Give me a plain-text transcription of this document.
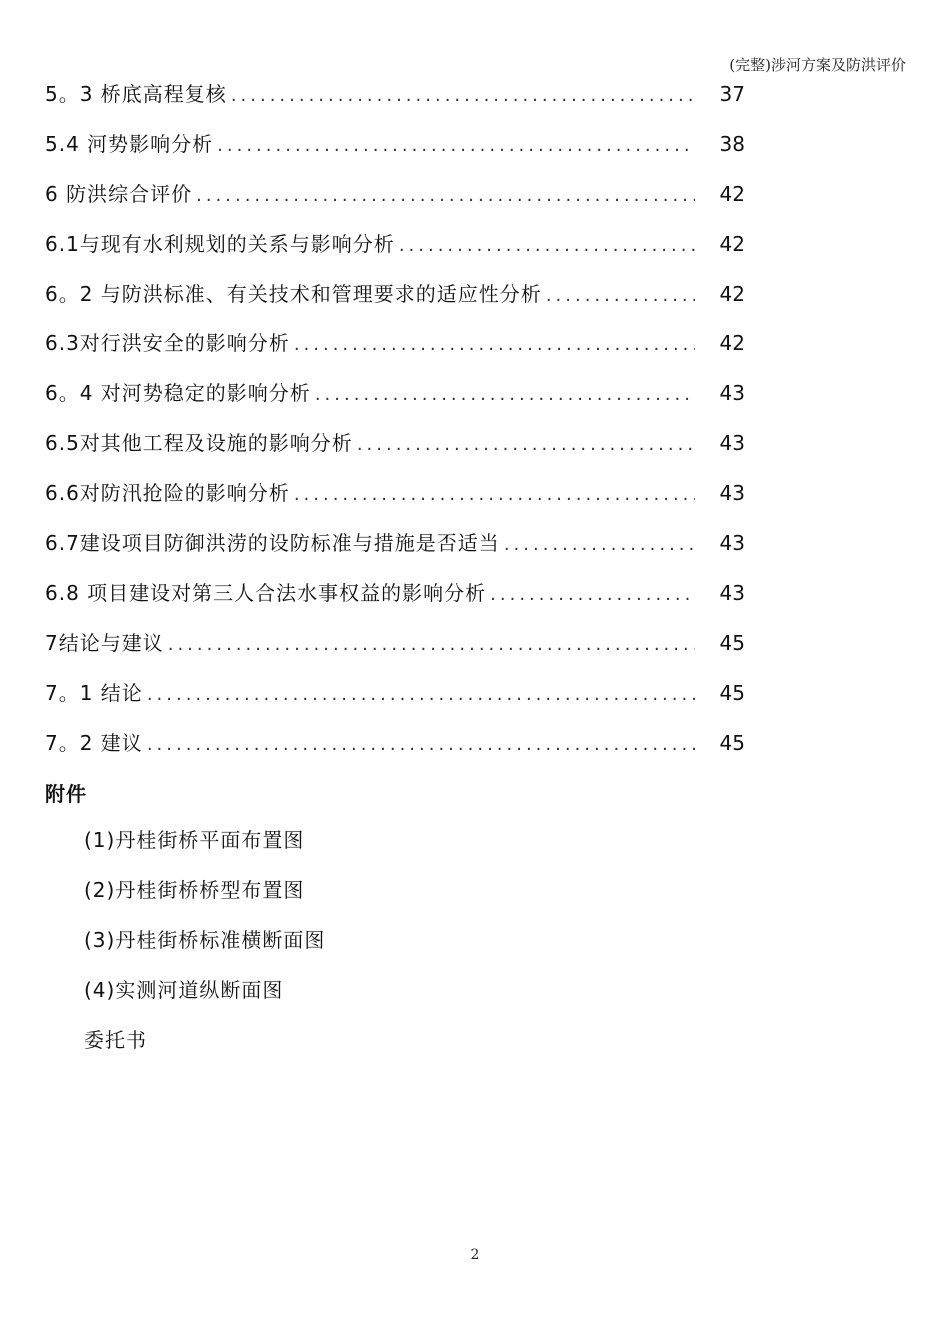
(完整)涉河方案及防洪评价
5。3 桥底高程复核 .....	37
5.4 河势影响分析 .....	38
6 防洪综合评价 .....	42
6.1与现有水利规划的关系与影响分析 .....	42
6。2 与防洪标准、有关技术和管理要求的适应性分析 .....	42
6.3对行洪安全的影响分析 .....	42
6。4 对河势稳定的影响分析 .....	43
6.5对其他工程及设施的影响分析 .....	43
6.6对防汛抢险的影响分析 .....	43
6.7建设项目防御洪涝的设防标准与措施是否适当 .....	43
6.8 项目建设对第三人合法水事权益的影响分析 .....	43
7结论与建议 .....	45
7。1 结论 .....	45
7。2 建议 .....	45
附件
(1)丹桂街桥平面布置图
(2)丹桂街桥桥型布置图
(3)丹桂街桥标准横断面图
(4)实测河道纵断面图
委托书
2
